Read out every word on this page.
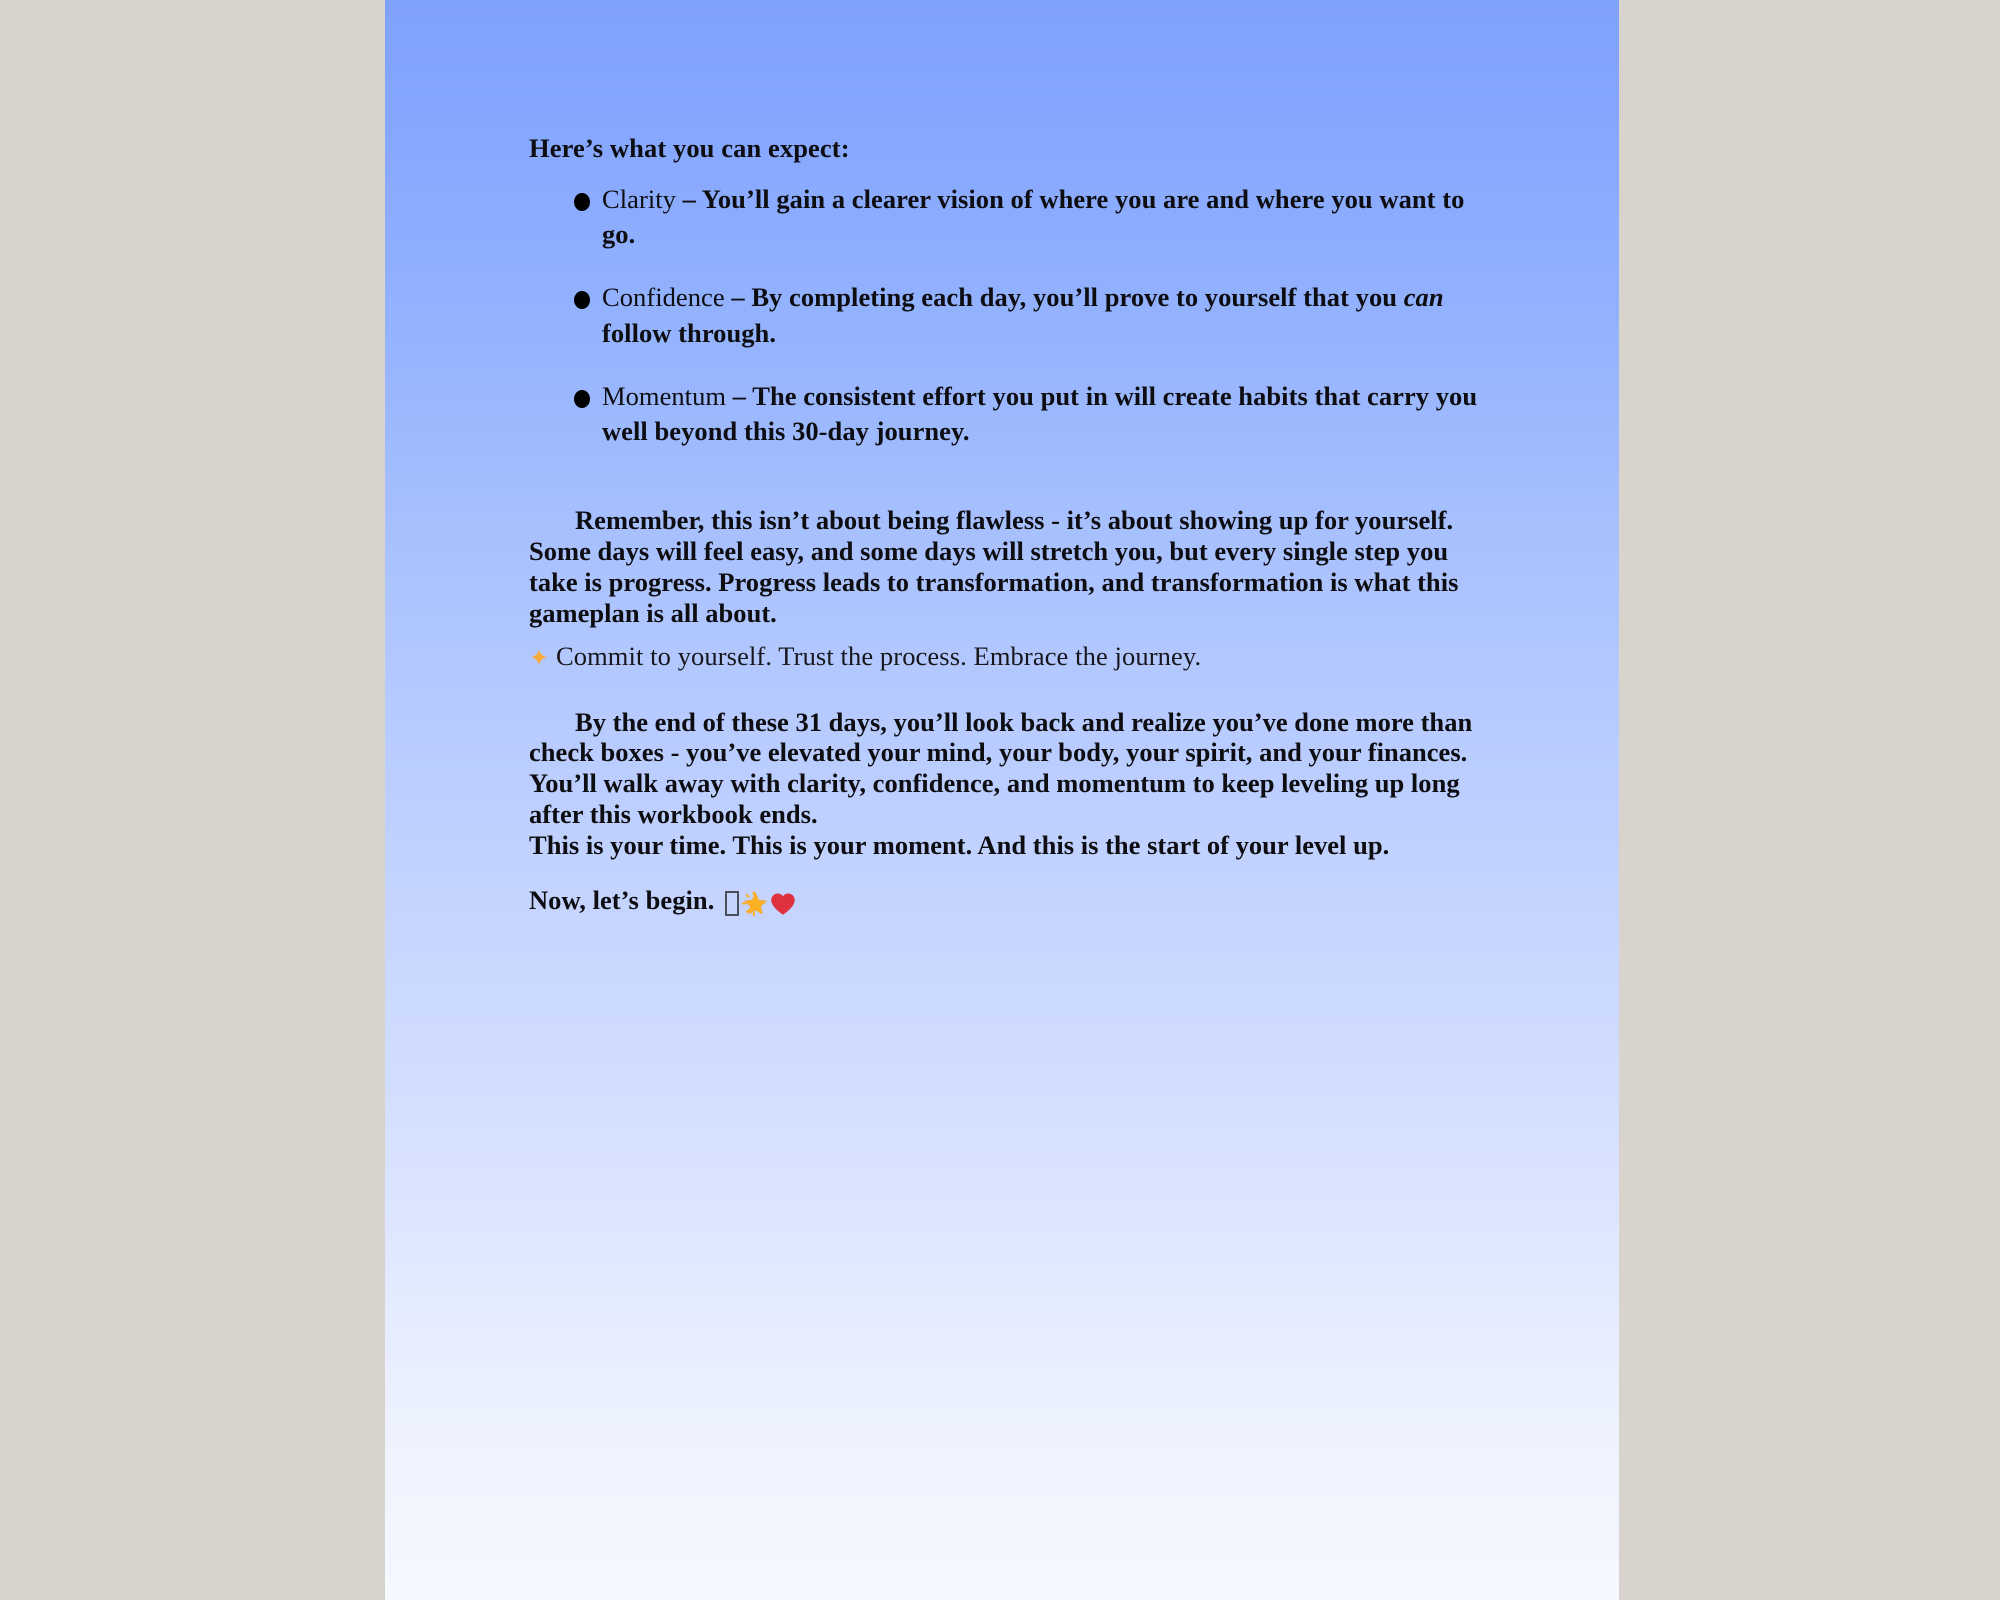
Here’s what you can expect:

Clarity – You’ll gain a clearer vision of where you are and where you want to go.
Confidence – By completing each day, you’ll prove to yourself that you can follow through.
Momentum – The consistent effort you put in will create habits that carry you well beyond this 30-day journey.

Remember, this isn’t about being flawless - it’s about showing up for yourself. Some days will feel easy, and some days will stretch you, but every single step you take is progress. Progress leads to transformation, and transformation is what this gameplan is all about.

✦ Commit to yourself. Trust the process. Embrace the journey.

By the end of these 31 days, you’ll look back and realize you’ve done more than check boxes - you’ve elevated your mind, your body, your spirit, and your finances. You’ll walk away with clarity, confidence, and momentum to keep leveling up long after this workbook ends.

This is your time. This is your moment. And this is the start of your level up.

Now, let’s begin.
